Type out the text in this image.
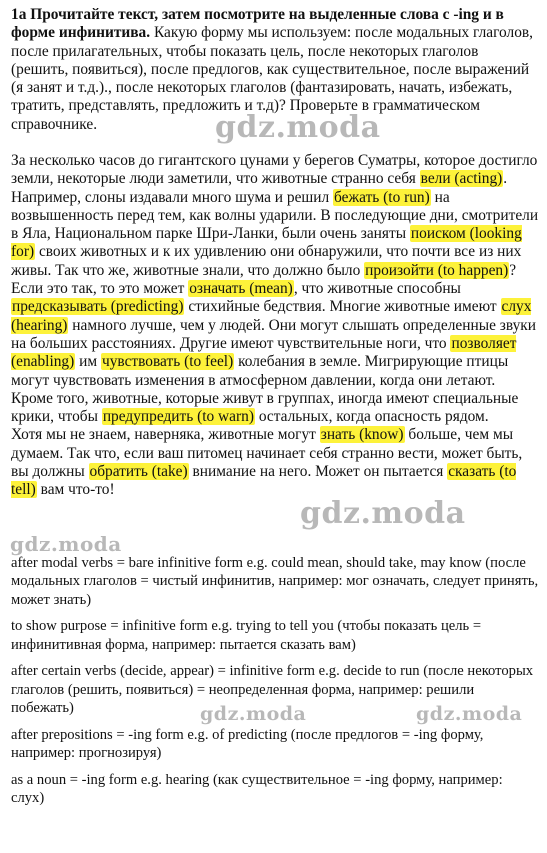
1а Прочитайте текст, затем посмотрите на выделенные слова с -ing и в форме инфинитива. Какую форму мы используем: после модальных глаголов, после прилагательных, чтобы показать цель, после некоторых глаголов (решить, появиться), после предлогов, как существительное, после выражений (я занят и т.д.)., после некоторых глаголов (фантазировать, начать, избежать, тратить, представлять, предложить и т.д)? Проверьте в грамматическом справочнике.
За несколько часов до гигантского цунами у берегов Суматры, которое достигло земли, некоторые люди заметили, что животные странно себя вели (acting). Например, слоны издавали много шума и решил бежать (to run) на возвышенность перед тем, как волны ударили. В последующие дни, смотрители в Яла, Национальном парке Шри-Ланки, были очень заняты поиском (looking for) своих животных и к их удивлению они обнаружили, что почти все из них живы. Так что же, животные знали, что должно было произойти (to happen)? Если это так, то это может означать (mean), что животные способны предсказывать (predicting) стихийные бедствия. Многие животные имеют слух (hearing) намного лучше, чем у людей. Они могут слышать определенные звуки на больших расстояниях. Другие имеют чувствительные ноги, что позволяет (enabling) им чувствовать (to feel) колебания в земле. Мигрирующие птицы могут чувствовать изменения в атмосферном давлении, когда они летают. Кроме того, животные, которые живут в группах, иногда имеют специальные крики, чтобы предупредить (to warn) остальных, когда опасность рядом.
Хотя мы не знаем, наверняка, животные могут знать (know) больше, чем мы думаем. Так что, если ваш питомец начинает себя странно вести, может быть, вы должны обратить (take) внимание на него. Может он пытается сказать (to tell) вам что-то!

after modal verbs = bare infinitive form e.g. could mean, should take, may know (после модальных глаголов = чистый инфинитив, например: мог означать, следует принять, может знать)

to show purpose = infinitive form e.g. trying to tell you (чтобы показать цель = инфинитивная форма, например: пытается сказать вам)

after certain verbs (decide, appear) = infinitive form e.g. decide to run (после некоторых глаголов (решить, появиться) = неопределенная форма, например: решили побежать)

after prepositions = -ing form e.g. of predicting (после предлогов = -ing форму, например: прогнозируя)

as a noun = -ing form e.g. hearing (как существительное = -ing форму, например: слух)

gdz.moda
gdz.moda
gdz.moda
gdz.moda	gdz.moda
